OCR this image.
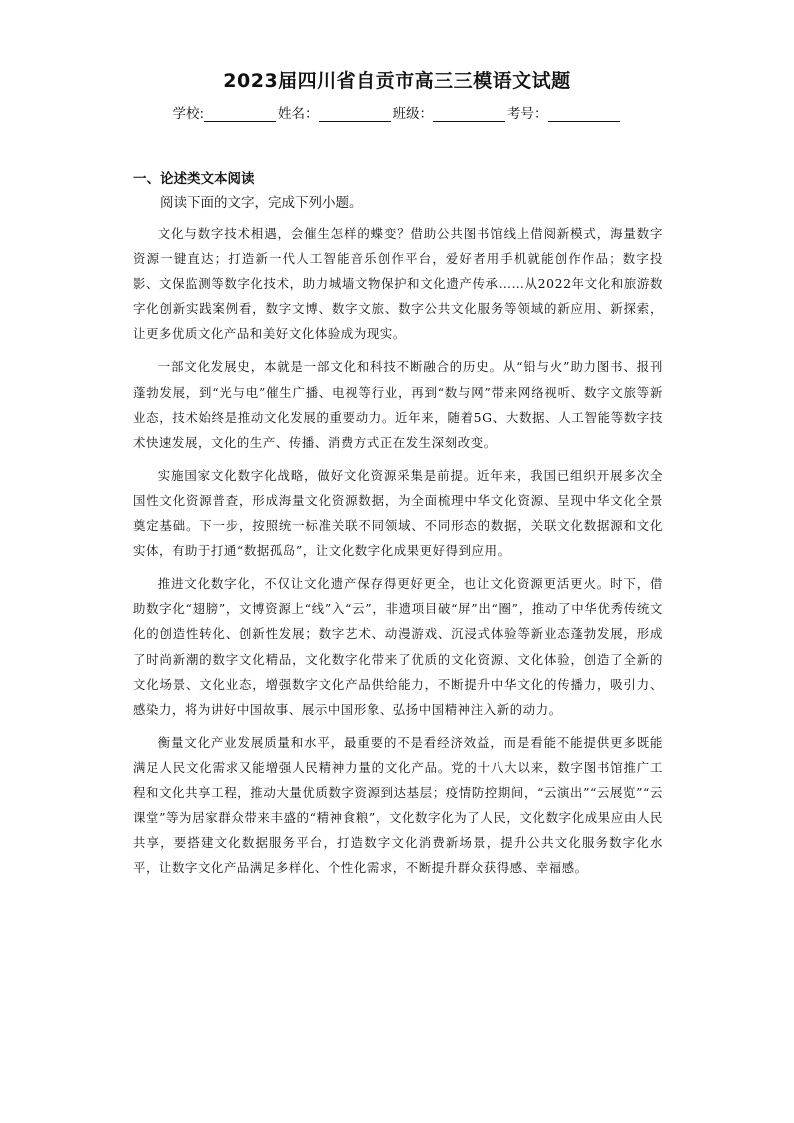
2023届四川省自贡市高三三模语文试题
学校:	姓名：	班级：	考号：
一、论述类文本阅读
阅读下面的文字，完成下列小题。

文化与数字技术相遇，会催生怎样的蝶变？借助公共图书馆线上借阅新模式，海量数字资源一键直达；打造新一代人工智能音乐创作平台，爱好者用手机就能创作作品；数字投影、文保监测等数字化技术，助力城墙文物保护和文化遗产传承……从2022年文化和旅游数字化创新实践案例看，数字文博、数字文旅、数字公共文化服务等领域的新应用、新探索，让更多优质文化产品和美好文化体验成为现实。

一部文化发展史，本就是一部文化和科技不断融合的历史。从“铅与火”助力图书、报刊蓬勃发展，到“光与电”催生广播、电视等行业，再到“数与网”带来网络视听、数字文旅等新业态，技术始终是推动文化发展的重要动力。近年来，随着5G、大数据、人工智能等数字技术快速发展，文化的生产、传播、消费方式正在发生深刻改变。

实施国家文化数字化战略，做好文化资源采集是前提。近年来，我国已组织开展多次全国性文化资源普查，形成海量文化资源数据，为全面梳理中华文化资源、呈现中华文化全景奠定基础。下一步，按照统一标准关联不同领域、不同形态的数据，关联文化数据源和文化实体，有助于打通“数据孤岛”，让文化数字化成果更好得到应用。

推进文化数字化，不仅让文化遗产保存得更好更全，也让文化资源更活更火。时下，借助数字化“翅膀”，文博资源上“线”入“云”，非遗项目破“屏”出“圈”，推动了中华优秀传统文化的创造性转化、创新性发展；数字艺术、动漫游戏、沉浸式体验等新业态蓬勃发展，形成了时尚新潮的数字文化精品，文化数字化带来了优质的文化资源、文化体验，创造了全新的文化场景、文化业态，增强数字文化产品供给能力，不断提升中华文化的传播力，吸引力、感染力，将为讲好中国故事、展示中国形象、弘扬中国精神注入新的动力。

衡量文化产业发展质量和水平，最重要的不是看经济效益，而是看能不能提供更多既能满足人民文化需求又能增强人民精神力量的文化产品。党的十八大以来，数字图书馆推广工程和文化共享工程，推动大量优质数字资源到达基层；疫情防控期间，“云演出”“云展览”“云课堂”等为居家群众带来丰盛的“精神食粮”，文化数字化为了人民，文化数字化成果应由人民共享，要搭建文化数据服务平台，打造数字文化消费新场景，提升公共文化服务数字化水平，让数字文化产品满足多样化、个性化需求，不断提升群众获得感、幸福感。
